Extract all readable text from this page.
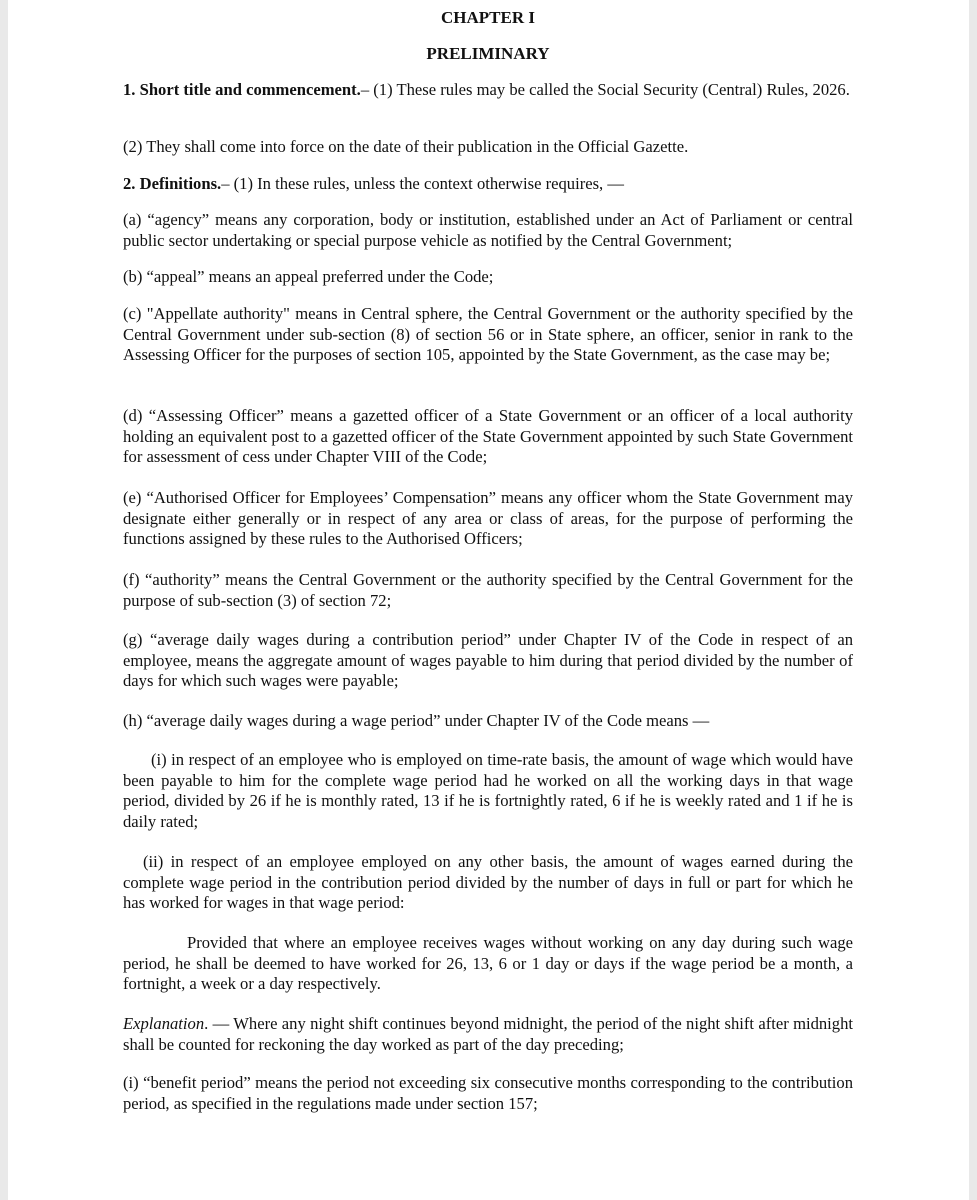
CHAPTER I

PRELIMINARY

1. Short title and commencement.– (1) These rules may be called the Social Security (Central) Rules, 2026.

(2) They shall come into force on the date of their publication in the Official Gazette.

2. Definitions.– (1) In these rules, unless the context otherwise requires, —

(a) “agency” means any corporation, body or institution, established under an Act of Parliament or central public sector undertaking or special purpose vehicle as notified by the Central Government;

(b) “appeal” means an appeal preferred under the Code;

(c) "Appellate authority" means in Central sphere, the Central Government or the authority specified by the Central Government under sub-section (8) of section 56 or in State sphere, an officer, senior in rank to the Assessing Officer for the purposes of section 105, appointed by the State Government, as the case may be;

(d) “Assessing Officer” means a gazetted officer of a State Government or an officer of a local authority holding an equivalent post to a gazetted officer of the State Government appointed by such State Government for assessment of cess under Chapter VIII of the Code;

(e) “Authorised Officer for Employees’ Compensation” means any officer whom the State Government may designate either generally or in respect of any area or class of areas, for the purpose of performing the functions assigned by these rules to the Authorised Officers;

(f) “authority” means the Central Government or the authority specified by the Central Government for the purpose of sub-section (3) of section 72;

(g) “average daily wages during a contribution period” under Chapter IV of the Code in respect of an employee, means the aggregate amount of wages payable to him during that period divided by the number of days for which such wages were payable;

(h) “average daily wages during a wage period” under Chapter IV of the Code means —

(i) in respect of an employee who is employed on time-rate basis, the amount of wage which would have been payable to him for the complete wage period had he worked on all the working days in that wage period, divided by 26 if he is monthly rated, 13 if he is fortnightly rated, 6 if he is weekly rated and 1 if he is daily rated;

(ii) in respect of an employee employed on any other basis, the amount of wages earned during the complete wage period in the contribution period divided by the number of days in full or part for which he has worked for wages in that wage period:

Provided that where an employee receives wages without working on any day during such wage period, he shall be deemed to have worked for 26, 13, 6 or 1 day or days if the wage period be a month, a fortnight, a week or a day respectively.

Explanation. — Where any night shift continues beyond midnight, the period of the night shift after midnight shall be counted for reckoning the day worked as part of the day preceding;

(i) “benefit period” means the period not exceeding six consecutive months corresponding to the contribution period, as specified in the regulations made under section 157;
